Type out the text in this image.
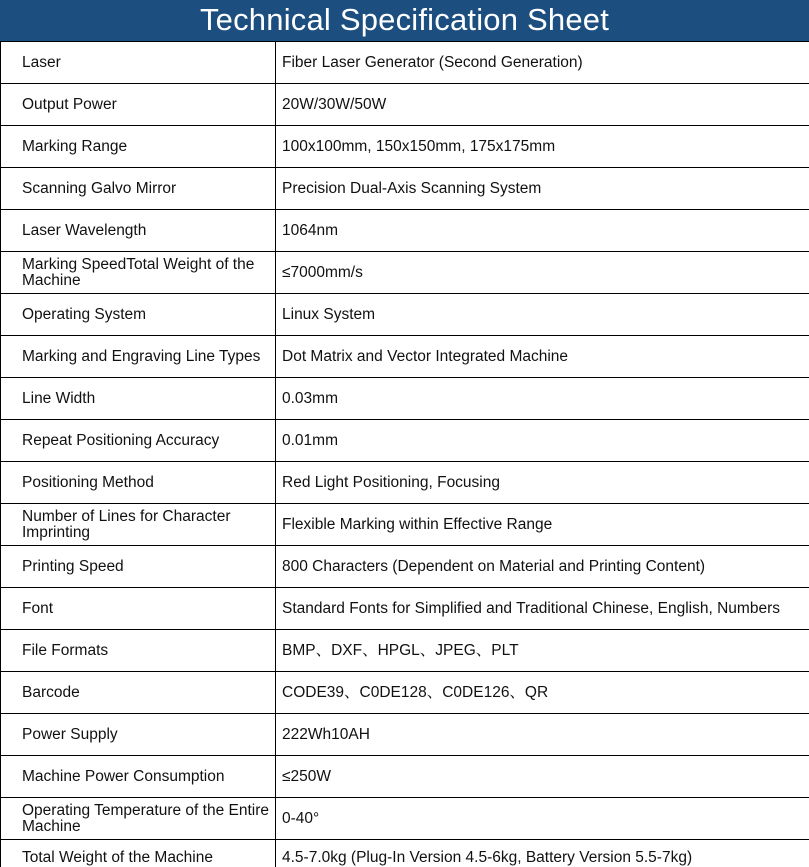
Technical Specification Sheet
Laser	Fiber Laser Generator (Second Generation)
Output Power	20W/30W/50W
Marking Range	100x100mm, 150x150mm, 175x175mm
Scanning Galvo Mirror	Precision Dual-Axis Scanning System
Laser Wavelength	1064nm
Marking SpeedTotal Weight of the Machine	≤7000mm/s
Operating System	Linux System
Marking and Engraving Line Types	Dot Matrix and Vector Integrated Machine
Line Width	0.03mm
Repeat Positioning Accuracy	0.01mm
Positioning Method	Red Light Positioning, Focusing
Number of Lines for Character Imprinting	Flexible Marking within Effective Range
Printing Speed	800 Characters (Dependent on Material and Printing Content)
Font	Standard Fonts for Simplified and Traditional Chinese, English, Numbers
File Formats	BMP、DXF、HPGL、JPEG、PLT
Barcode	CODE39、C0DE128、C0DE126、QR
Power Supply	222Wh10AH
Machine Power Consumption	≤250W
Operating Temperature of the Entire Machine	0-40°
Total Weight of the Machine	4.5-7.0kg (Plug-In Version 4.5-6kg, Battery Version 5.5-7kg)
